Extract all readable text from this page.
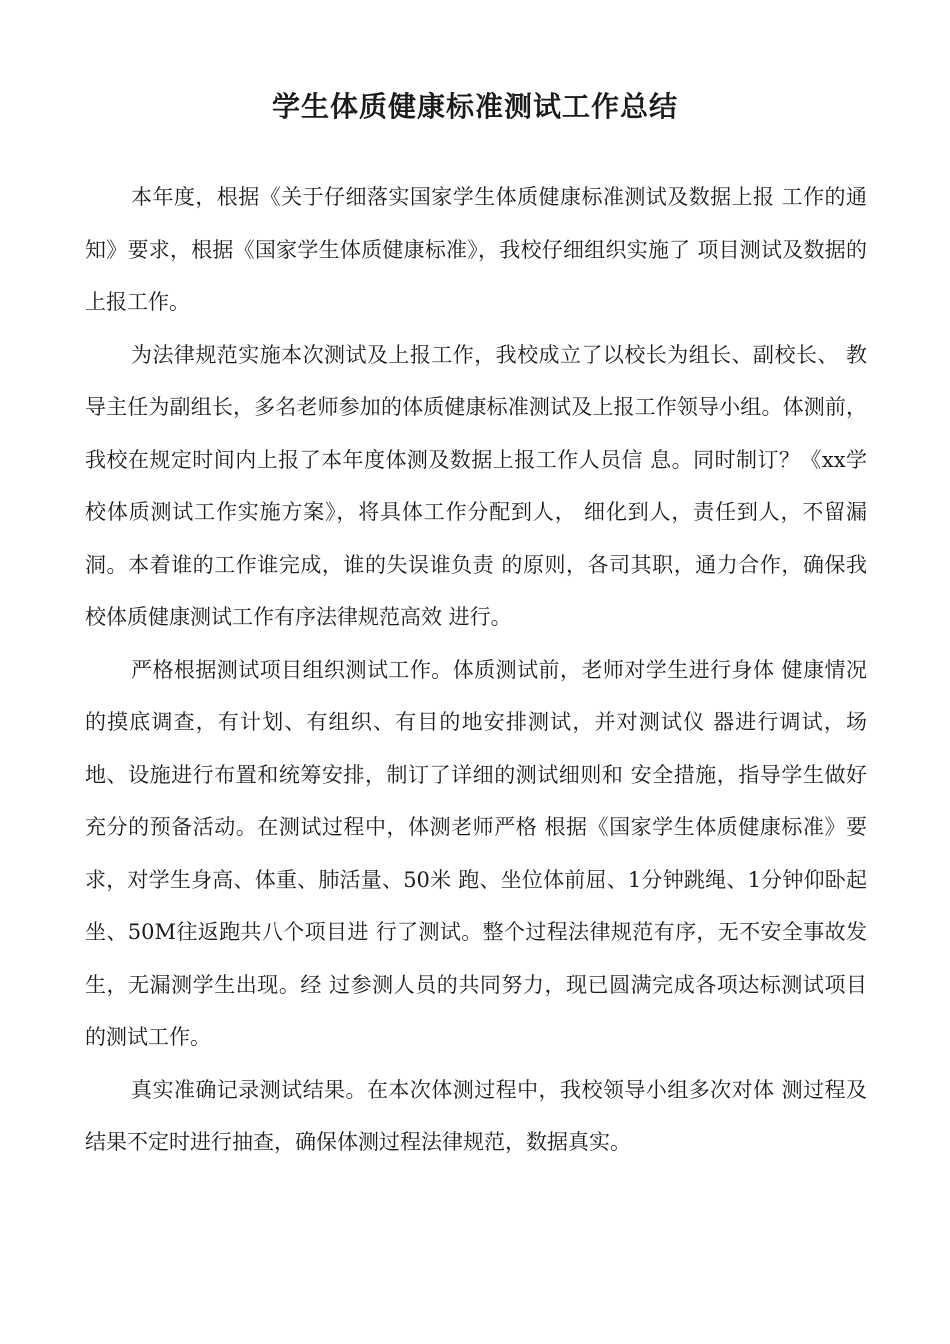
学生体质健康标准测试工作总结

本年度，根据《关于仔细落实国家学生体质健康标准测试及数据上报 工作的通知》要求，根据《国家学生体质健康标准》，我校仔细组织实施了 项目测试及数据的上报工作。

为法律规范实施本次测试及上报工作，我校成立了以校长为组长、副校长、 教导主任为副组长，多名老师参加的体质健康标准测试及上报工作领导小组。体测前，我校在规定时间内上报了本年度体测及数据上报工作人员信 息。同时制订？《xx学校体质测试工作实施方案》，将具体工作分配到人， 细化到人，责任到人，不留漏洞。本着谁的工作谁完成，谁的失误谁负责 的原则，各司其职，通力合作，确保我校体质健康测试工作有序法律规范高效 进行。

严格根据测试项目组织测试工作。体质测试前，老师对学生进行身体 健康情况的摸底调查，有计划、有组织、有目的地安排测试，并对测试仪 器进行调试，场地、设施进行布置和统筹安排，制订了详细的测试细则和 安全措施，指导学生做好充分的预备活动。在测试过程中，体测老师严格 根据《国家学生体质健康标准》要求，对学生身高、体重、肺活量、50米 跑、坐位体前屈、1分钟跳绳、1分钟仰卧起坐、50M往返跑共八个项目进 行了测试。整个过程法律规范有序，无不安全事故发生，无漏测学生出现。经 过参测人员的共同努力，现已圆满完成各项达标测试项目的测试工作。

真实准确记录测试结果。在本次体测过程中，我校领导小组多次对体 测过程及结果不定时进行抽查，确保体测过程法律规范，数据真实。
